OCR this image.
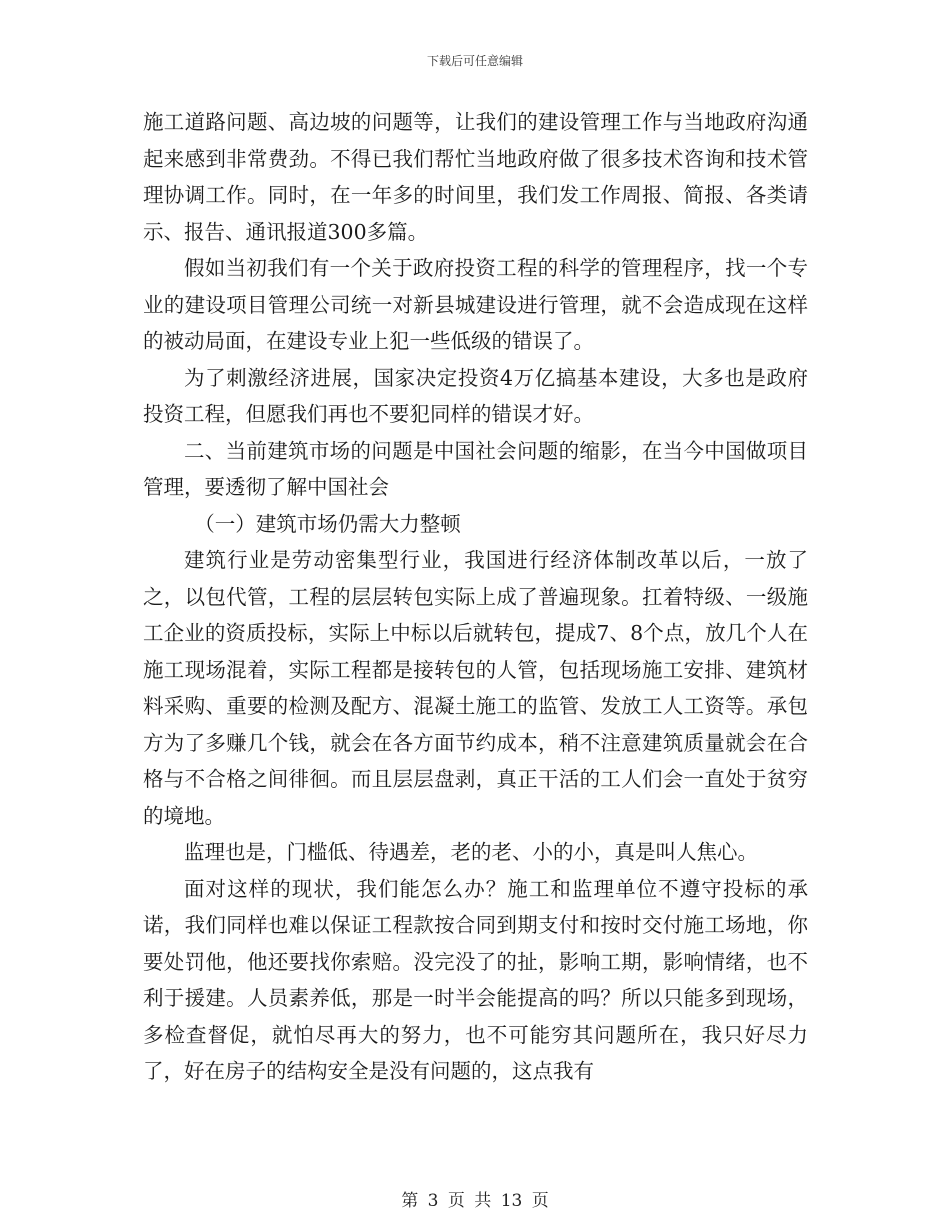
下载后可任意编辑

施工道路问题、高边坡的问题等，让我们的建设管理工作与当地政府沟通起来感到非常费劲。不得已我们帮忙当地政府做了很多技术咨询和技术管理协调工作。同时，在一年多的时间里，我们发工作周报、简报、各类请示、报告、通讯报道300多篇。

假如当初我们有一个关于政府投资工程的科学的管理程序，找一个专业的建设项目管理公司统一对新县城建设进行管理，就不会造成现在这样的被动局面，在建设专业上犯一些低级的错误了。

为了刺激经济进展，国家决定投资4万亿搞基本建设，大多也是政府投资工程，但愿我们再也不要犯同样的错误才好。

二、当前建筑市场的问题是中国社会问题的缩影，在当今中国做项目管理，要透彻了解中国社会

（一）建筑市场仍需大力整顿

建筑行业是劳动密集型行业，我国进行经济体制改革以后，一放了之，以包代管，工程的层层转包实际上成了普遍现象。扛着特级、一级施工企业的资质投标，实际上中标以后就转包，提成7、8个点，放几个人在施工现场混着，实际工程都是接转包的人管，包括现场施工安排、建筑材料采购、重要的检测及配方、混凝土施工的监管、发放工人工资等。承包方为了多赚几个钱，就会在各方面节约成本，稍不注意建筑质量就会在合格与不合格之间徘徊。而且层层盘剥，真正干活的工人们会一直处于贫穷的境地。

监理也是，门槛低、待遇差，老的老、小的小，真是叫人焦心。

面对这样的现状，我们能怎么办？施工和监理单位不遵守投标的承诺，我们同样也难以保证工程款按合同到期支付和按时交付施工场地，你要处罚他，他还要找你索赔。没完没了的扯，影响工期，影响情绪，也不利于援建。人员素养低，那是一时半会能提高的吗？所以只能多到现场，多检查督促，就怕尽再大的努力，也不可能穷其问题所在，我只好尽力了，好在房子的结构安全是没有问题的，这点我有

第 3 页 共 13 页
